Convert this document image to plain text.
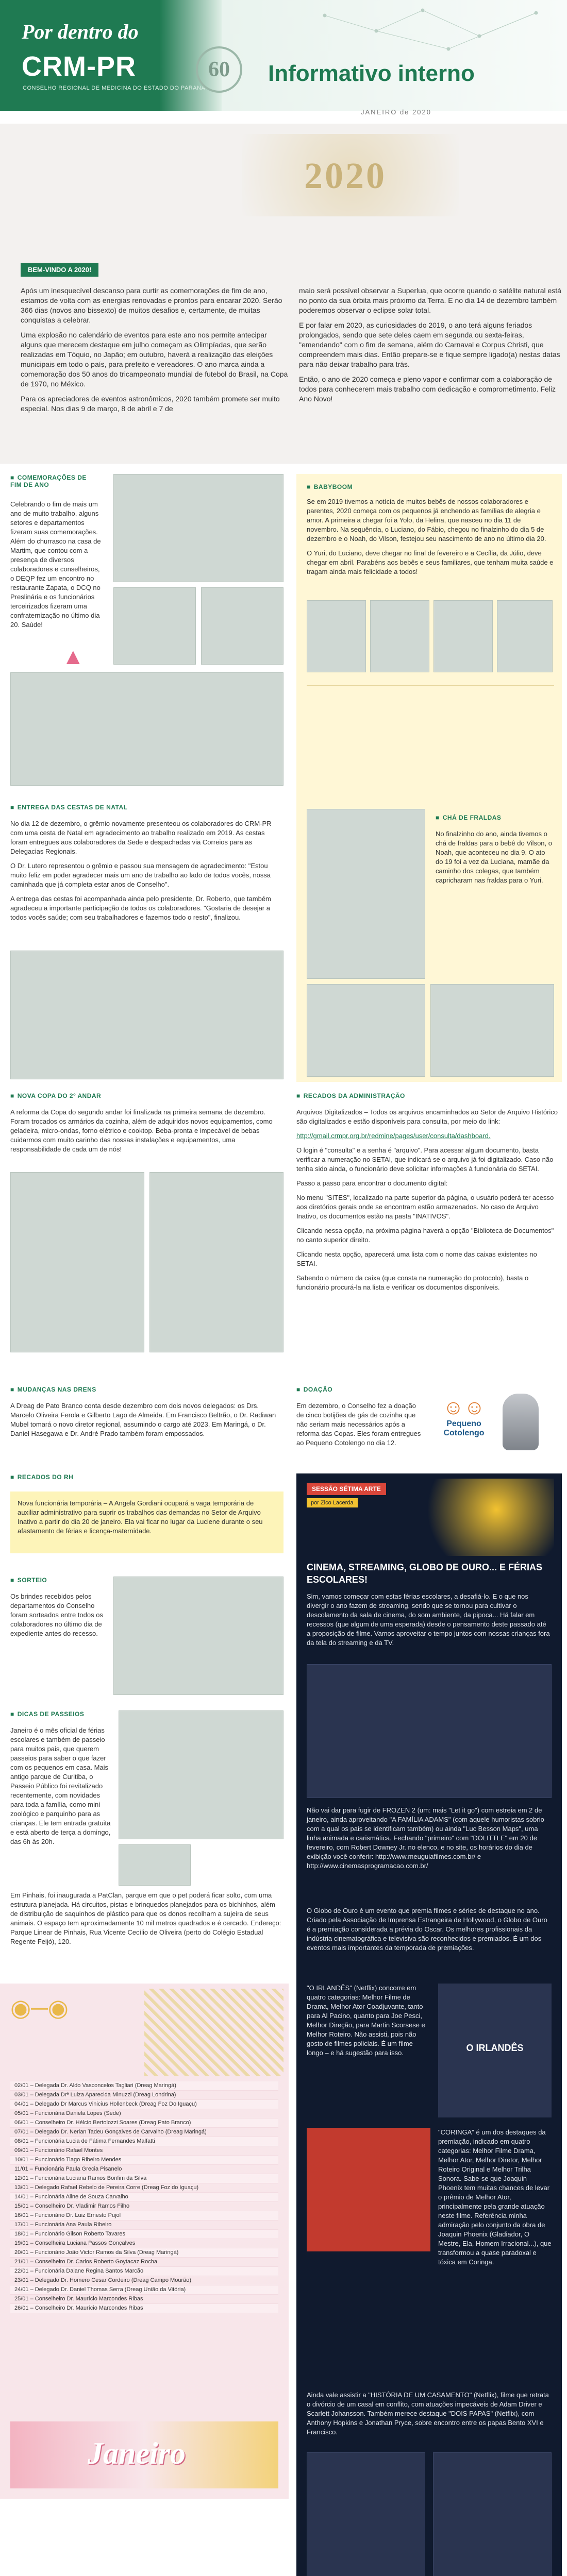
Por dentro do
CRM-PR
CONSELHO REGIONAL DE MEDICINA DO ESTADO DO PARANÁ
60	Informativo interno
JANEIRO de 2020
2020
BEM-VINDO A 2020!

Após um inesquecível descanso para curtir as comemorações de fim de ano, estamos de volta com as energias renovadas e prontos para encarar 2020. Serão 366 dias (novos ano bissexto) de muitos desafios e, certamente, de muitas conquistas a celebrar.

Uma explosão no calendário de eventos para este ano nos permite antecipar alguns que merecem destaque em julho começam as Olimpíadas, que serão realizadas em Tóquio, no Japão; em outubro, haverá a realização das eleições municipais em todo o país, para prefeito e vereadores. O ano marca ainda a comemoração dos 50 anos do tricampeonato mundial de futebol do Brasil, na Copa de 1970, no México.

Para os apreciadores de eventos astronômicos, 2020 também promete ser muito especial. Nos dias 9 de março, 8 de abril e 7 de

maio será possível observar a Superlua, que ocorre quando o satélite natural está no ponto da sua órbita mais próximo da Terra. E no dia 14 de dezembro também poderemos observar o eclipse solar total.

E por falar em 2020, as curiosidades do 2019, o ano terá alguns feriados prolongados, sendo que sete deles caem em segunda ou sexta-feiras, "emendando" com o fim de semana, além do Carnaval e Corpus Christi, que compreendem mais dias. Então prepare-se e fique sempre ligado(a) nestas datas para não deixar trabalho para trás.

Então, o ano de 2020 começa e pleno vapor e confirmar com a colaboração de todos para conhecerem mais trabalho com dedicação e comprometimento. Feliz Ano Novo!

■ COMEMORAÇÕES DE FIM DE ANO
Celebrando o fim de mais um ano de muito trabalho, alguns setores e departamentos fizeram suas comemorações. Além do churrasco na casa de Martim, que contou com a presença de diversos colaboradores e conselheiros, o DEQP fez um encontro no restaurante Zapata, o DCQ no Preslinária e os funcionários terceirizados fizeram uma confraternização no último dia 20. Saúde!
▲
■ BABYBOOM

Se em 2019 tivemos a notícia de muitos bebês de nossos colaboradores e parentes, 2020 começa com os pequenos já enchendo as famílias de alegria e amor. A primeira a chegar foi a Yolo, da Helina, que nasceu no dia 11 de novembro. Na sequência, o Luciano, do Fábio, chegou no finalzinho do dia 5 de dezembro e o Noah, do Vilson, festejou seu nascimento de ano no último dia 20.

O Yuri, do Luciano, deve chegar no final de fevereiro e a Cecília, da Júlio, deve chegar em abril. Parabéns aos bebês e seus familiares, que tenham muita saúde e tragam ainda mais felicidade a todos!

■ ENTREGA DAS CESTAS DE NATAL

No dia 12 de dezembro, o grêmio novamente presenteou os colaboradores do CRM-PR com uma cesta de Natal em agradecimento ao trabalho realizado em 2019. As cestas foram entregues aos colaboradores da Sede e despachadas via Correios para as Delegacias Regionais.

O Dr. Lutero representou o grêmio e passou sua mensagem de agradecimento: "Estou muito feliz em poder agradecer mais um ano de trabalho ao lado de todos vocês, nossa caminhada que já completa estar anos de Conselho".

A entrega das cestas foi acompanhada ainda pelo presidente, Dr. Roberto, que também agradeceu a importante participação de todos os colaboradores. "Gostaria de desejar a todos vocês saúde; com seu trabalhadores e fazemos todo o resto", finalizou.

■ CHÁ DE FRALDAS
No finalzinho do ano, ainda tivemos o chá de fraldas para o bebê do Vilson, o Noah, que aconteceu no dia 9. O ato do 19 foi a vez da Luciana, mamãe da caminho dos colegas, que também capricharam nas fraldas para o Yuri.
■ NOVA COPA DO 2º ANDAR
A reforma da Copa do segundo andar foi finalizada na primeira semana de dezembro. Foram trocados os armários da cozinha, além de adquiridos novos equipamentos, como geladeira, micro-ondas, forno elétrico e cooktop. Beba-pronta e impecável de bebas cuidarmos com muito carinho das nossas instalações e equipamentos, uma responsabilidade de cada um de nós!
■ RECADOS DA ADMINISTRAÇÃO

Arquivos Digitalizados – Todos os arquivos encaminhados ao Setor de Arquivo Histórico são digitalizados e estão disponíveis para consulta, por meio do link:

http://gmail.crmpr.org.br/redmine/pages/user/consulta/dashboard.

O login é "consulta" e a senha é "arquivo". Para acessar algum documento, basta verificar a numeração no SETAI, que indicará se o arquivo já foi digitalizado. Caso não tenha sido ainda, o funcionário deve solicitar informações à funcionária do SETAI.

Passo a passo para encontrar o documento digital:

No menu "SITES", localizado na parte superior da página, o usuário poderá ter acesso aos diretórios gerais onde se encontram estão armazenados. No caso de Arquivo Inativo, os documentos estão na pasta "INATIVOS".

Clicando nessa opção, na próxima página haverá a opção "Biblioteca de Documentos" no canto superior direito.

Clicando nesta opção, aparecerá uma lista com o nome das caixas existentes no SETAI.

Sabendo o número da caixa (que consta na numeração do protocolo), basta o funcionário procurá-la na lista e verificar os documentos disponíveis.

■ MUDANÇAS NAS DRENS
A Dreag de Pato Branco conta desde dezembro com dois novos delegados: os Drs. Marcelo Oliveira Ferola e Gilberto Lago de Almeida. Em Francisco Beltrão, o Dr. Radiwan Mubel tomará o novo diretor regional, assumindo o cargo até 2023. Em Maringá, o Dr. Daniel Hasegawa e Dr. André Prado também foram empossados.
■ DOAÇÃO
Em dezembro, o Conselho fez a doação de cinco botijões de gás de cozinha que não seriam mais necessários após a reforma das Copas. Eles foram entregues ao Pequeno Cotolengo no dia 12.
☺☺
Pequeno
Cotolengo
■ RECADOS DO RH
Nova funcionária temporária – A Angela Gordiani ocupará a vaga temporária de auxiliar administrativo para suprir os trabalhos das demandas no Setor de Arquivo Inativo a partir do dia 20 de janeiro. Ela vai ficar no lugar da Luciene durante o seu afastamento de férias e licença-maternidade.
■ SORTEIO
Os brindes recebidos pelos departamentos do Conselho foram sorteados entre todos os colaboradores no último dia de expediente antes do recesso.
■ DICAS DE PASSEIOS
Janeiro é o mês oficial de férias escolares e também de passeio para muitos pais, que querem passeios para saber o que fazer com os pequenos em casa. Mais antigo parque de Curitiba, o Passeio Público foi revitalizado recentemente, com novidades para toda a família, como mini zoológico e parquinho para as crianças. Ele tem entrada gratuita e está aberto de terça a domingo, das 6h às 20h.
Em Pinhais, foi inaugurada a PatClan, parque em que o pet poderá ficar solto, com uma estrutura planejada. Há circuitos, pistas e brinquedos planejados para os bichinhos, além de distribuição de saquinhos de plástico para que os donos recolham a sujeira de seus animais. O espaço tem aproximadamente 10 mil metros quadrados e é cercado. Endereço: Parque Linear de Pinhais, Rua Vicente Cecílio de Oliveira (perto do Colégio Estadual Regente Feijó), 120.
◉─◉
02/01 – Delegada Dr. Aldo Vasconcelos Tagliari (Dreag Maringá)
03/01 – Delegada Drª Luiza Aparecida Minuzzi (Dreag Londrina)
04/01 – Delegado Dr Marcus Vinicius Hollenbeck (Dreag Foz Do Iguaçu)
05/01 – Funcionária Daniela Lopes (Sede)
06/01 – Conselheiro Dr. Hélcio Bertolozzi Soares (Dreag Pato Branco)
07/01 – Delegado Dr. Nerlan Tadeu Gonçalves de Carvalho (Dreag Maringá)
08/01 – Funcionária Lucia de Fátima Fernandes Malfatti
09/01 – Funcionário Rafael Montes
10/01 – Funcionário Tiago Ribeiro Mendes
11/01 – Funcionária Paula Grecia Pisanelo
12/01 – Funcionária Luciana Ramos Bonfim da Silva
13/01 – Delegado Rafael Rebelo de Pereira Corre (Dreag Foz do Iguaçu)
14/01 – Funcionária Aline de Souza Carvalho
15/01 – Conselheiro Dr. Vladimir Ramos Filho
16/01 – Funcionário Dr. Luiz Ernesto Pujol
17/01 – Funcionária Ana Paula Ribeiro
18/01 – Funcionário Gilson Roberto Tavares
19/01 – Conselheira Luciana Passos Gonçalves
20/01 – Funcionário João Victor Ramos da Silva (Dreag Maringá)
21/01 – Conselheiro Dr. Carlos Roberto Goytacaz Rocha
22/01 – Funcionária Daiane Regina Santos Marcão
23/01 – Delegado Dr. Homero Cesar Cordeiro (Dreag Campo Mourão)
24/01 – Delegado Dr. Daniel Thomas Serra (Dreag União da Vitória)
25/01 – Conselheiro Dr. Maurício Marcondes Ribas
26/01 – Conselheiro Dr. Maurício Marcondes Ribas
Janeiro
SESSÃO SÉTIMA ARTE
por Zico Lacerda
CINEMA, STREAMING, GLOBO DE OURO... E FÉRIAS ESCOLARES!
Sim, vamos começar com estas férias escolares, a desafiá-lo. E o que nos divergir o ano fazem de streaming, sendo que se tornou para cultivar o descolamento da sala de cinema, do som ambiente, da pipoca... Há falar em recessos (que algum de uma esperada) desde o pensamento deste passado até a proposição de filme. Vamos aproveitar o tempo juntos com nossas crianças fora da tela do streaming e da TV.
Não vai dar para fugir de FROZEN 2 (um: mais "Let it go") com estreia em 2 de janeiro, ainda aproveitando "A FAMÍLIA ADAMS" (com aquele humoristas sobrio com a qual os pais se identificam também) ou ainda "Luc Besson Maps", uma linha animada e carismática. Fechando "primeiro" com "DOLITTLE" em 20 de fevereiro, com Robert Downey Jr. no elenco, e no site, os horários do dia de exibição você conferir: http://www.meuguiafilmes.com.br/ e http://www.cinemasprogramacao.com.br/
O Globo de Ouro é um evento que premia filmes e séries de destaque no ano. Criado pela Associação de Imprensa Estrangeira de Hollywood, o Globo de Ouro é a premiação considerada a prévia do Oscar. Os melhores profissionais da indústria cinematográfica e televisiva são reconhecidos e premiados. É um dos eventos mais importantes da temporada de premiações.
"O IRLANDÊS" (Netflix) concorre em quatro categorias: Melhor Filme de Drama, Melhor Ator Coadjuvante, tanto para Al Pacino, quanto para Joe Pesci, Melhor Direção, para Martin Scorsese e Melhor Roteiro. Não assisti, pois não gosto de filmes policiais. É um filme longo – e há sugestão para isso.	O IRLANDÊS
"CORINGA" é um dos destaques da premiação, indicado em quatro categorias: Melhor Filme Drama, Melhor Ator, Melhor Diretor, Melhor Roteiro Original e Melhor Trilha Sonora. Sabe-se que Joaquin Phoenix tem muitas chances de levar o prêmio de Melhor Ator, principalmente pela grande atuação neste filme. Referência minha admiração pelo conjunto da obra de Joaquin Phoenix (Gladiador, O Mestre, Ela, Homem Irracional...), que transformou a quase paradoxal e tóxica em Coringa.
Ainda vale assistir a "HISTÓRIA DE UM CASAMENTO" (Netflix), filme que retrata o divórcio de um casal em conflito, com atuações impecáveis de Adam Driver e Scarlett Johansson. Também merece destaque "DOIS PAPAS" (Netflix), com Anthony Hopkins e Jonathan Pryce, sobre encontro entre os papas Bento XVI e Francisco.
